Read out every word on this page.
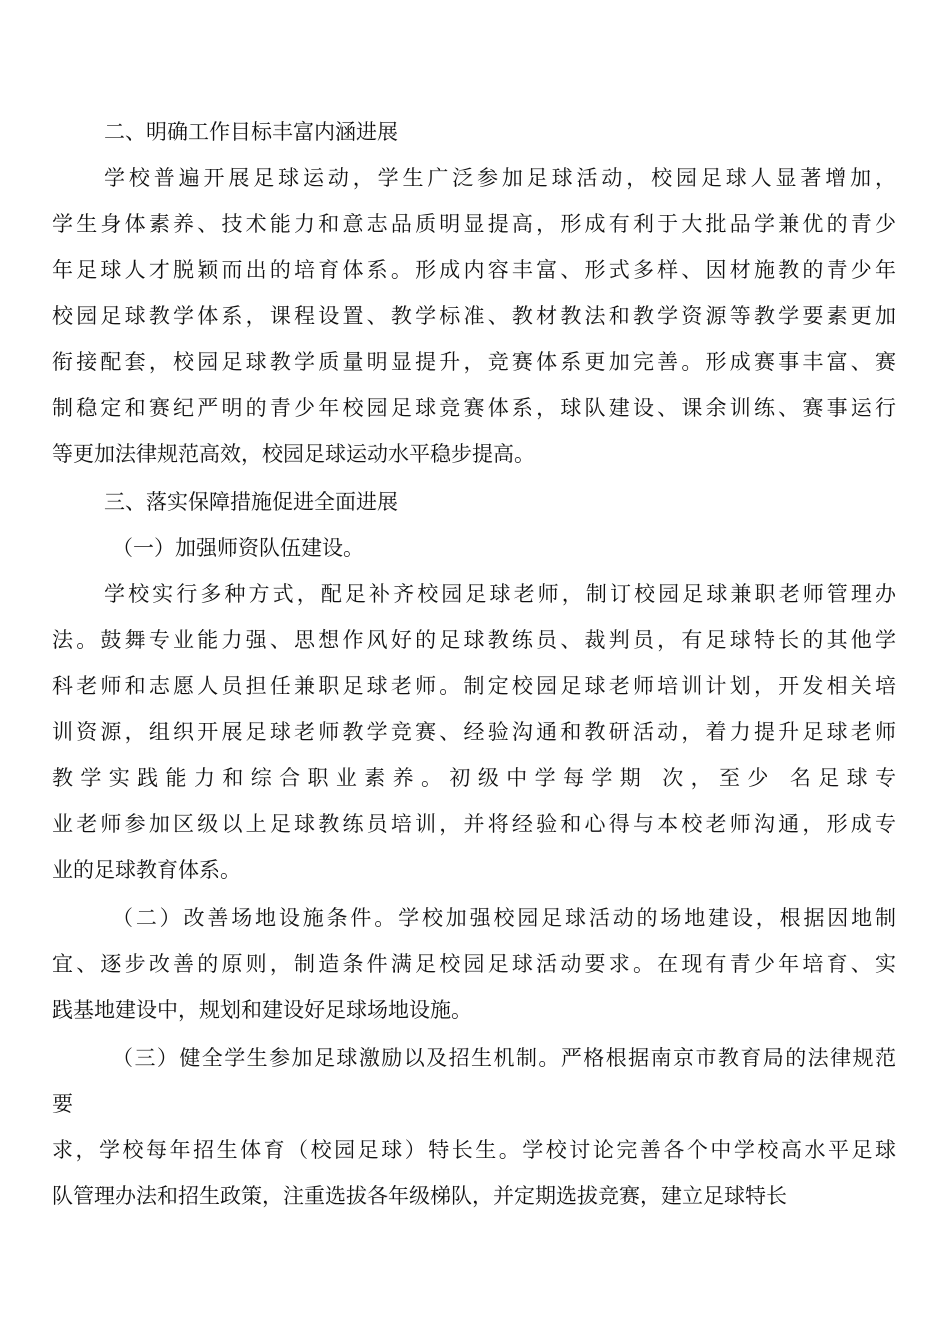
二、明确工作目标丰富内涵进展
学校普遍开展足球运动，学生广泛参加足球活动，校园足球人显著增加，
学生身体素养、技术能力和意志品质明显提高，形成有利于大批品学兼优的青少
年足球人才脱颖而出的培育体系。形成内容丰富、形式多样、因材施教的青少年
校园足球教学体系，课程设置、教学标准、教材教法和教学资源等教学要素更加
衔接配套，校园足球教学质量明显提升，竞赛体系更加完善。形成赛事丰富、赛
制稳定和赛纪严明的青少年校园足球竞赛体系，球队建设、课余训练、赛事运行
等更加法律规范高效，校园足球运动水平稳步提高。
三、落实保障措施促进全面进展
（一）加强师资队伍建设。
学校实行多种方式，配足补齐校园足球老师，制订校园足球兼职老师管理办
法。鼓舞专业能力强、思想作风好的足球教练员、裁判员，有足球特长的其他学
科老师和志愿人员担任兼职足球老师。制定校园足球老师培训计划，开发相关培
训资源，组织开展足球老师教学竞赛、经验沟通和教研活动，着力提升足球老师
教学实践能力和综合职业素养。初级中学每学期 次，至少 名足球专
业老师参加区级以上足球教练员培训，并将经验和心得与本校老师沟通，形成专
业的足球教育体系。
（二）改善场地设施条件。学校加强校园足球活动的场地建设，根据因地制
宜、逐步改善的原则，制造条件满足校园足球活动要求。在现有青少年培育、实
践基地建设中，规划和建设好足球场地设施。
（三）健全学生参加足球激励以及招生机制。严格根据南京市教育局的法律规范
要
求，学校每年招生体育（校园足球）特长生。学校讨论完善各个中学校高水平足球
队管理办法和招生政策，注重选拔各年级梯队，并定期选拔竞赛，建立足球特长
